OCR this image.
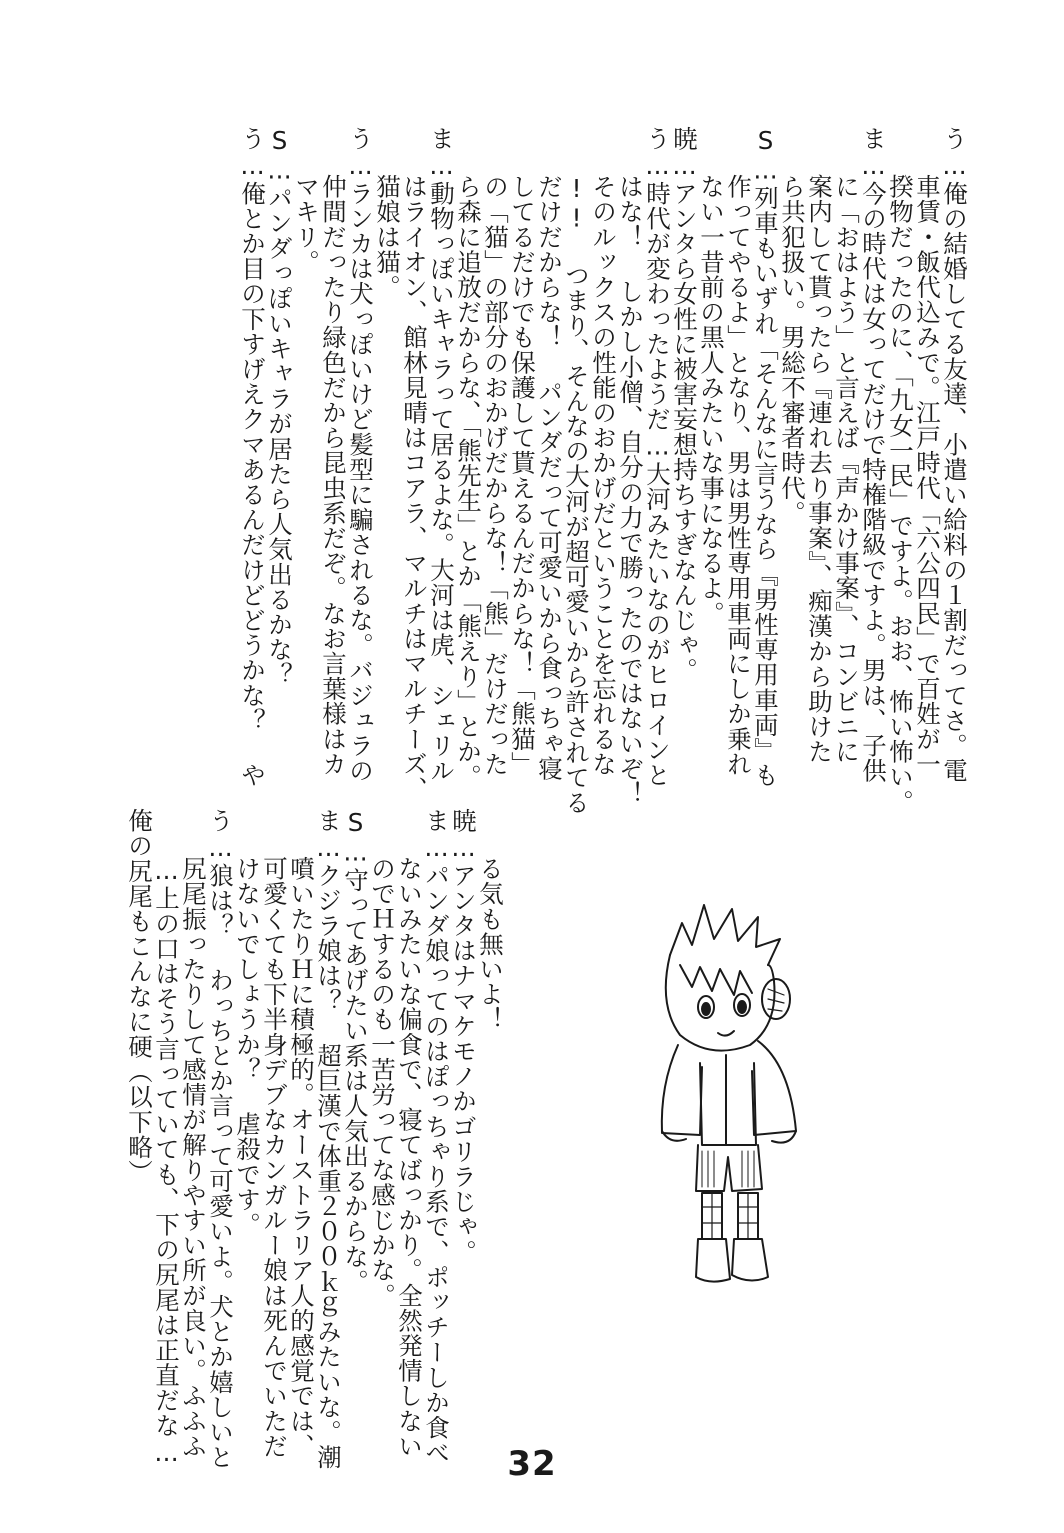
う…俺の結婚してる友達、小遣い給料の１割だってさ。電
車賃・飯代込みで。江戸時代「六公四民」で百姓が一
揆物だったのに、「九女一民」ですよ。おお、怖い怖い。
ま…今の時代は女ってだけで特権階級ですよ。男は、子供
に「おはよう」と言えば『声かけ事案』、コンビニに
案内して貰ったら『連れ去り事案』、痴漢から助けた
ら共犯扱い。男総不審者時代。
S…列車もいずれ「そんなに言うなら『男性専用車両』も
作ってやるよ」となり、男は男性専用車両にしか乗れ
ない一昔前の黒人みたいな事になるよ。
暁…アンタら女性に被害妄想持ちすぎなんじゃ。
う…時代が変わったようだ…大河みたいなのがヒロインと
はな！ しかし小僧、自分の力で勝ったのではないぞ！
そのルックスの性能のおかげだということを忘れるな
!! つまり、そんなの大河が超可愛いから許されてる
だけだからな！ パンダだって可愛いから食っちゃ寝
してるだけでも保護して貰えるんだからな！「熊猫」
の「猫」の部分のおかげだからな！「熊」だけだった
ら森に追放だからな、「熊先生」とか「熊えり」とか。
ま…動物っぽいキャラって居るよな。大河は虎、シェリル
はライオン、館林見晴はコアラ、マルチはマルチーズ、
猫娘は猫。
う…ランカは犬っぽいけど髪型に騙されるな。バジュラの
仲間だったり緑色だから昆虫系だぞ。なお言葉様はカ
マキリ。
S…パンダっぽいキャラが居たら人気出るかな？
う…俺とか目の下すげえクマあるんだけどどうかな？ や
る気も無いよ！
暁…アンタはナマケモノかゴリラじゃ。
ま…パンダ娘ってのはぽっちゃり系で、ポッチーしか食べ
ないみたいな偏食で、寝てばっかり。全然発情しない
のでＨするのも一苦労ってな感じかな。
S…守ってあげたい系は人気出るからな。
ま…クジラ娘は？ 超巨漢で体重２００ｋｇみたいな。潮
噴いたりＨに積極的。オーストラリア人的感覚では、
可愛くても下半身デブなカンガルー娘は死んでいただ
けないでしょうか？ 虐殺です。
う…狼は？ わっちとか言って可愛いよ。犬とか嬉しいと
尻尾振ったりして感情が解りやすい所が良い。ふふふ
…上の口はそう言っていても、下の尻尾は正直だな…
俺の尻尾もこんなに硬（以下略）
32
